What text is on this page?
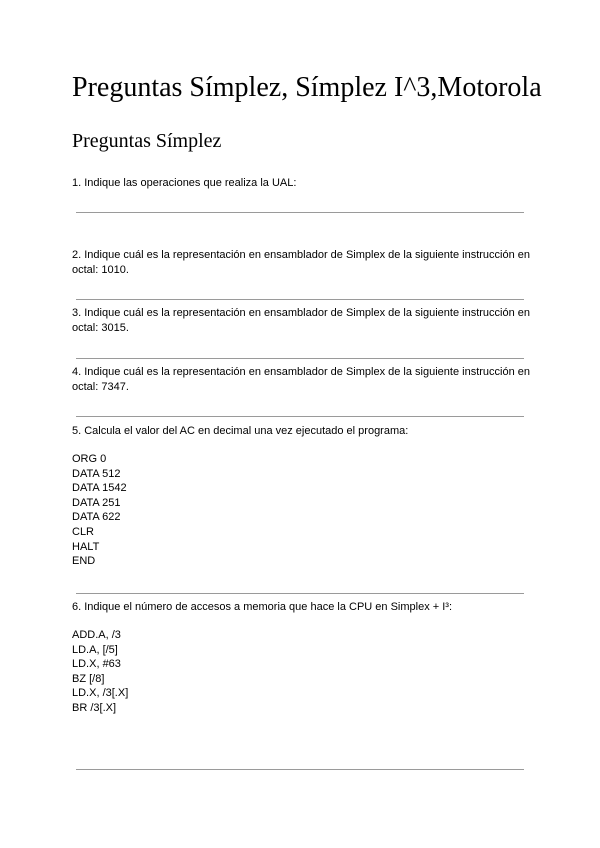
Preguntas Símplez, Símplez I^3,Motorola
Preguntas Símplez
1. Indique las operaciones que realiza la UAL:
2. Indique cuál es la representación en ensamblador de Simplex de la siguiente instrucción en octal: 1010.
3. Indique cuál es la representación en ensamblador de Simplex de la siguiente instrucción en octal: 3015.
4. Indique cuál es la representación en ensamblador de Simplex de la siguiente instrucción en octal: 7347.
5. Calcula el valor del AC en decimal una vez ejecutado el programa:
ORG 0
DATA 512
DATA 1542
DATA 251
DATA 622
CLR
HALT
END
6. Indique el número de accesos a memoria que hace la CPU en Simplex + I³:
ADD.A, /3
LD.A, [/5]
LD.X, #63
BZ [/8]
LD.X, /3[.X]
BR /3[.X]
